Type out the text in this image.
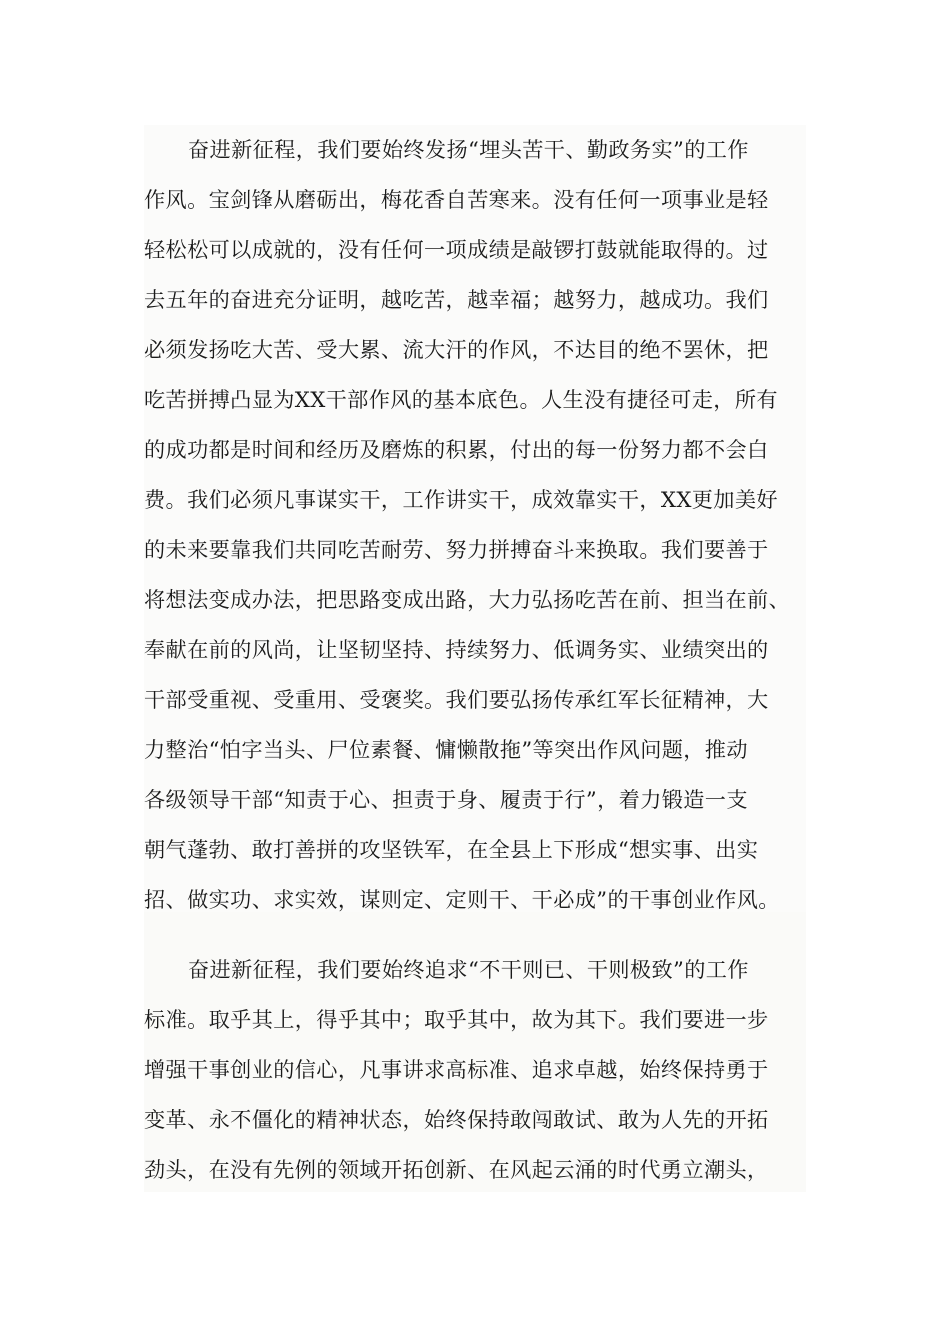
奋进新征程，我们要始终发扬“埋头苦干、勤政务实”的工作
作风。宝剑锋从磨砺出，梅花香自苦寒来。没有任何一项事业是轻
轻松松可以成就的，没有任何一项成绩是敲锣打鼓就能取得的。过
去五年的奋进充分证明，越吃苦，越幸福；越努力，越成功。我们
必须发扬吃大苦、受大累、流大汗的作风，不达目的绝不罢休，把
吃苦拼搏凸显为XX干部作风的基本底色。人生没有捷径可走，所有
的成功都是时间和经历及磨炼的积累，付出的每一份努力都不会白
费。我们必须凡事谋实干，工作讲实干，成效靠实干，XX更加美好
的未来要靠我们共同吃苦耐劳、努力拼搏奋斗来换取。我们要善于
将想法变成办法，把思路变成出路，大力弘扬吃苦在前、担当在前、
奉献在前的风尚，让坚韧坚持、持续努力、低调务实、业绩突出的
干部受重视、受重用、受褒奖。我们要弘扬传承红军长征精神，大
力整治“怕字当头、尸位素餐、慵懒散拖”等突出作风问题，推动
各级领导干部“知责于心、担责于身、履责于行”，着力锻造一支
朝气蓬勃、敢打善拼的攻坚铁军，在全县上下形成“想实事、出实
招、做实功、求实效，谋则定、定则干、干必成”的干事创业作风。
奋进新征程，我们要始终追求“不干则已、干则极致”的工作
标准。取乎其上，得乎其中；取乎其中，故为其下。我们要进一步
增强干事创业的信心，凡事讲求高标准、追求卓越，始终保持勇于
变革、永不僵化的精神状态，始终保持敢闯敢试、敢为人先的开拓
劲头，在没有先例的领域开拓创新、在风起云涌的时代勇立潮头，
